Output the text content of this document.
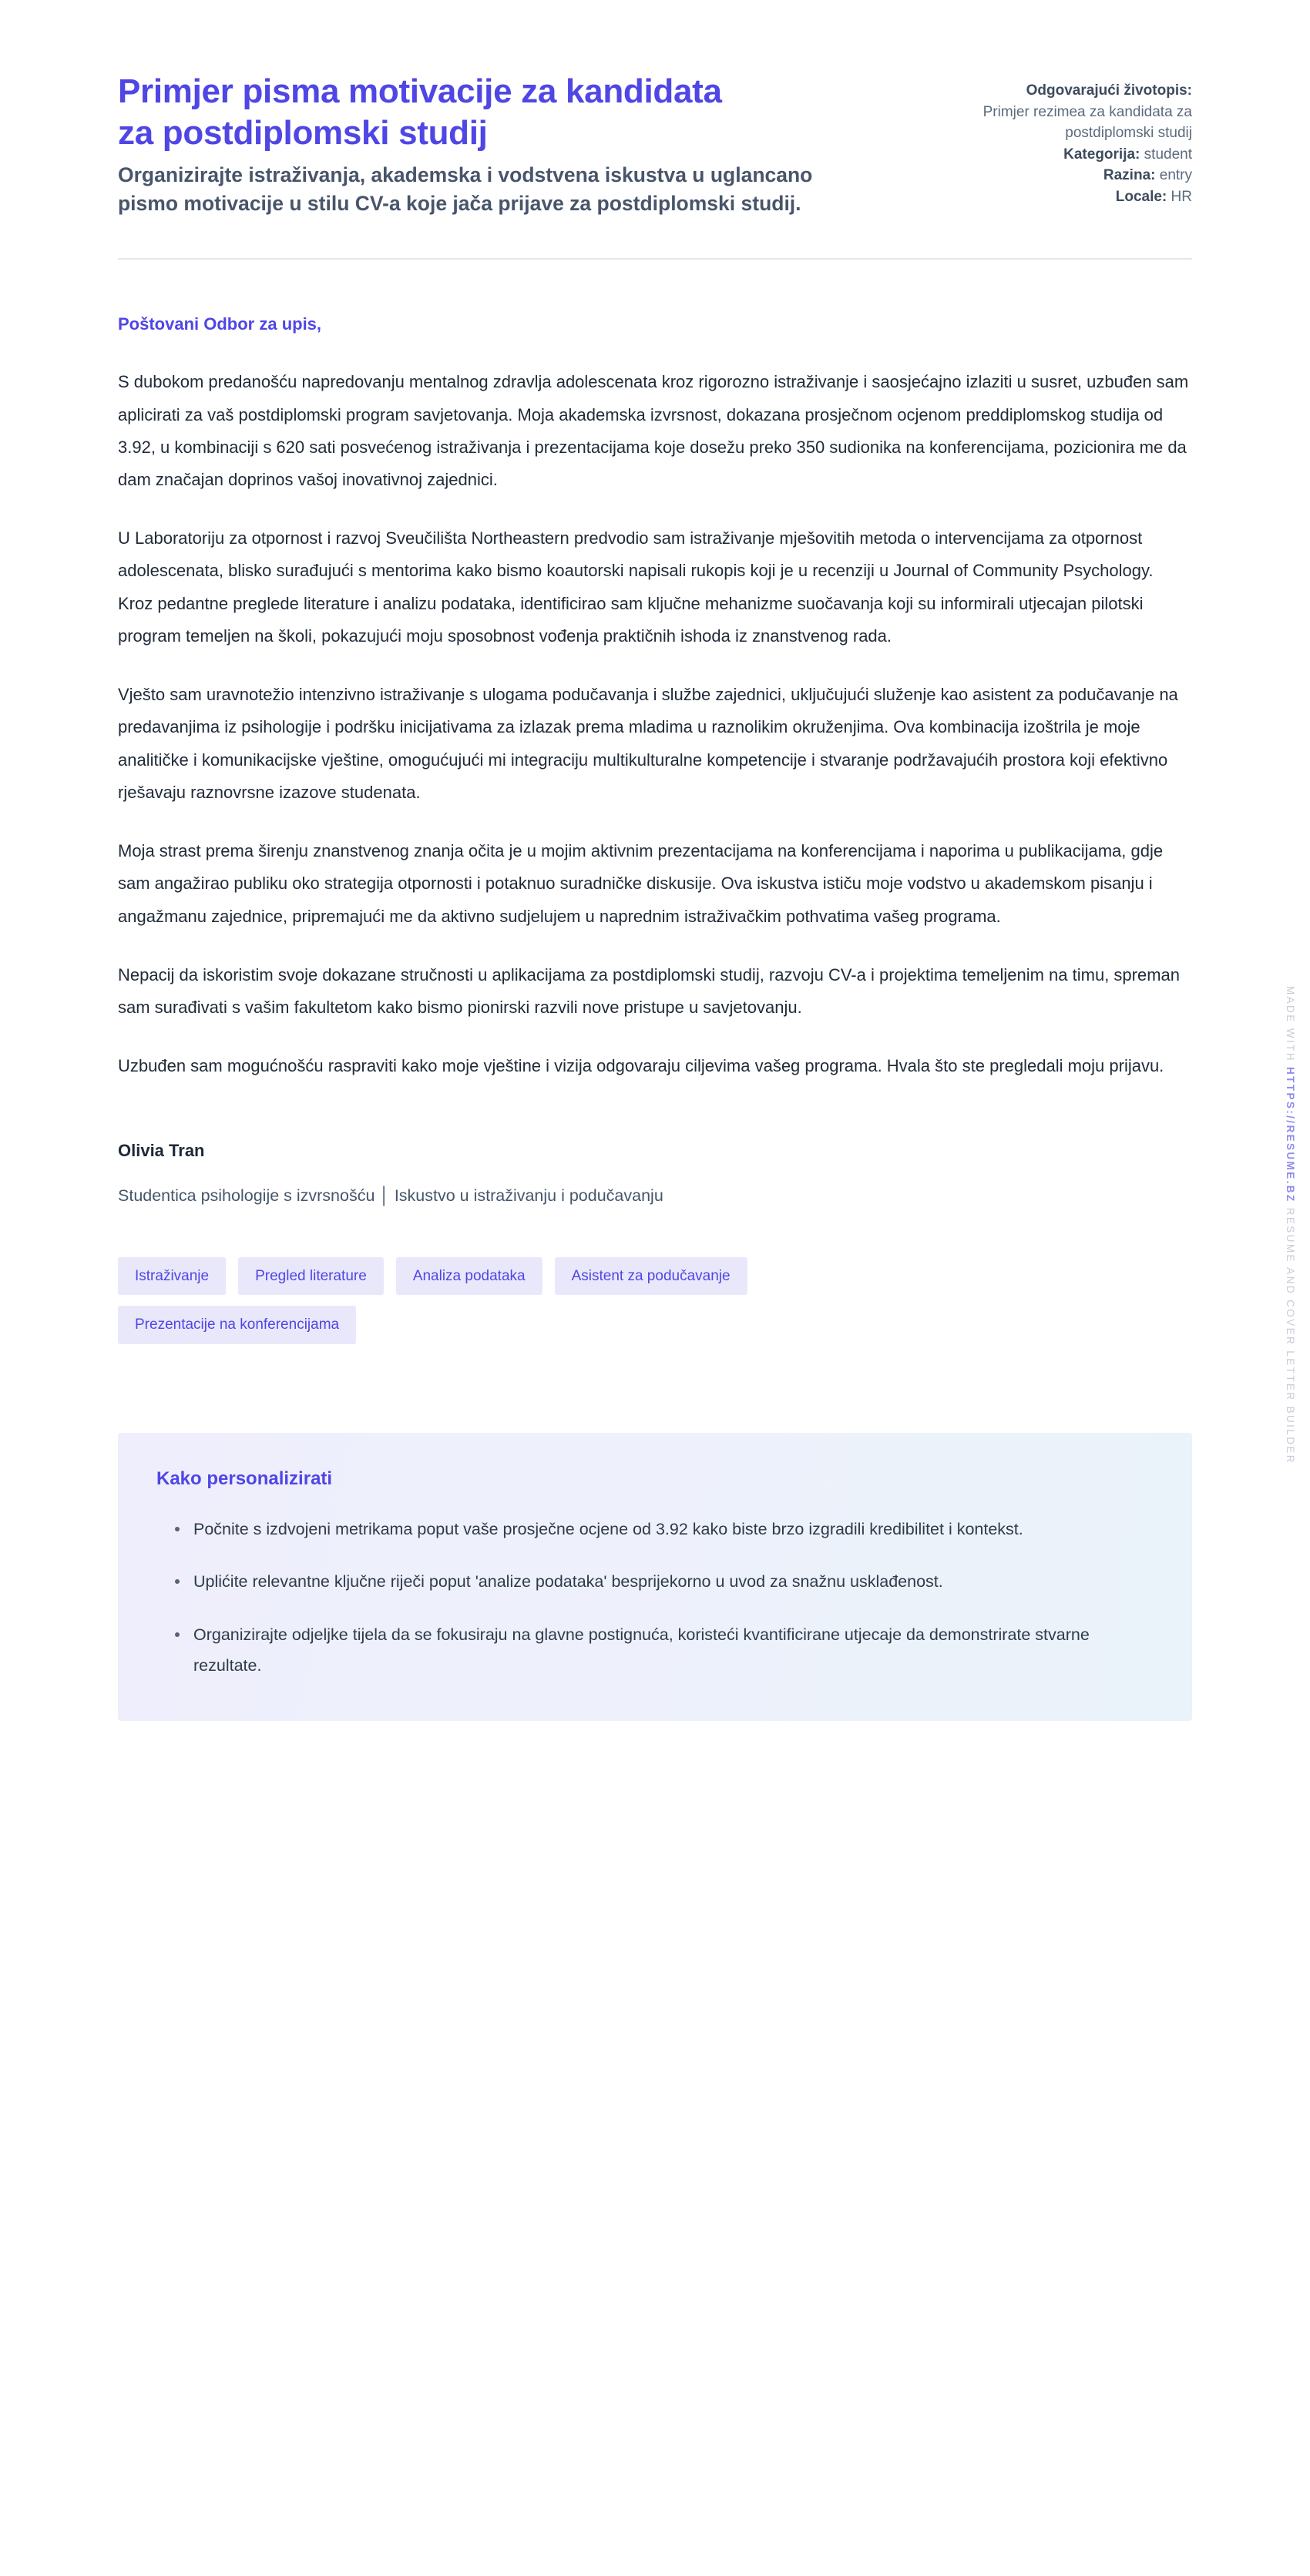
Primjer pisma motivacije za kandidata za postdiplomski studij

Organizirajte istraživanja, akademska i vodstvena iskustva u uglancano pismo motivacije u stilu CV-a koje jača prijave za postdiplomski studij.

Odgovarajući životopis:
Primjer rezimea za kandidata za postdiplomski studij
Kategorija: student
Razina: entry
Locale: HR

Poštovani Odbor za upis,

S dubokom predanošću napredovanju mentalnog zdravlja adolescenata kroz rigorozno istraživanje i saosjećajno izlaziti u susret, uzbuđen sam aplicirati za vaš postdiplomski program savjetovanja. Moja akademska izvrsnost, dokazana prosječnom ocjenom preddiplomskog studija od 3.92, u kombinaciji s 620 sati posvećenog istraživanja i prezentacijama koje dosežu preko 350 sudionika na konferencijama, pozicionira me da dam značajan doprinos vašoj inovativnoj zajednici.

U Laboratoriju za otpornost i razvoj Sveučilišta Northeastern predvodio sam istraživanje mješovitih metoda o intervencijama za otpornost adolescenata, blisko surađujući s mentorima kako bismo koautorski napisali rukopis koji je u recenziji u Journal of Community Psychology. Kroz pedantne preglede literature i analizu podataka, identificirao sam ključne mehanizme suočavanja koji su informirali utjecajan pilotski program temeljen na školi, pokazujući moju sposobnost vođenja praktičnih ishoda iz znanstvenog rada.

Vješto sam uravnotežio intenzivno istraživanje s ulogama podučavanja i službe zajednici, uključujući služenje kao asistent za podučavanje na predavanjima iz psihologije i podršku inicijativama za izlazak prema mladima u raznolikim okruženjima. Ova kombinacija izoštrila je moje analitičke i komunikacijske vještine, omogućujući mi integraciju multikulturalne kompetencije i stvaranje podržavajućih prostora koji efektivno rješavaju raznovrsne izazove studenata.

Moja strast prema širenju znanstvenog znanja očita je u mojim aktivnim prezentacijama na konferencijama i naporima u publikacijama, gdje sam angažirao publiku oko strategija otpornosti i potaknuo suradničke diskusije. Ova iskustva ističu moje vodstvo u akademskom pisanju i angažmanu zajednice, pripremajući me da aktivno sudjelujem u naprednim istraživačkim pothvatima vašeg programa.

Nepacij da iskoristim svoje dokazane stručnosti u aplikacijama za postdiplomski studij, razvoju CV-a i projektima temeljenim na timu, spreman sam surađivati s vašim fakultetom kako bismo pionirski razvili nove pristupe u savjetovanju.

Uzbuđen sam mogućnošću raspraviti kako moje vještine i vizija odgovaraju ciljevima vašeg programa. Hvala što ste pregledali moju prijavu.

Olivia Tran

Studentica psihologije s izvrsnošću │ Iskustvo u istraživanju i podučavanju

Istraživanje	Pregled literature	Analiza podataka	Asistent za podučavanje
Prezentacije na konferencijama
Kako personalizirati
Počnite s izdvojeni metrikama poput vaše prosječne ocjene od 3.92 kako biste brzo izgradili kredibilitet i kontekst.
Uplićite relevantne ključne riječi poput 'analize podataka' besprijekorno u uvod za snažnu usklađenost.
Organizirajte odjeljke tijela da se fokusiraju na glavne postignuća, koristeći kvantificirane utjecaje da demonstrirate stvarne rezultate.
MADE WITH HTTPS://RESUME.BZ RESUME AND COVER LETTER BUILDER
